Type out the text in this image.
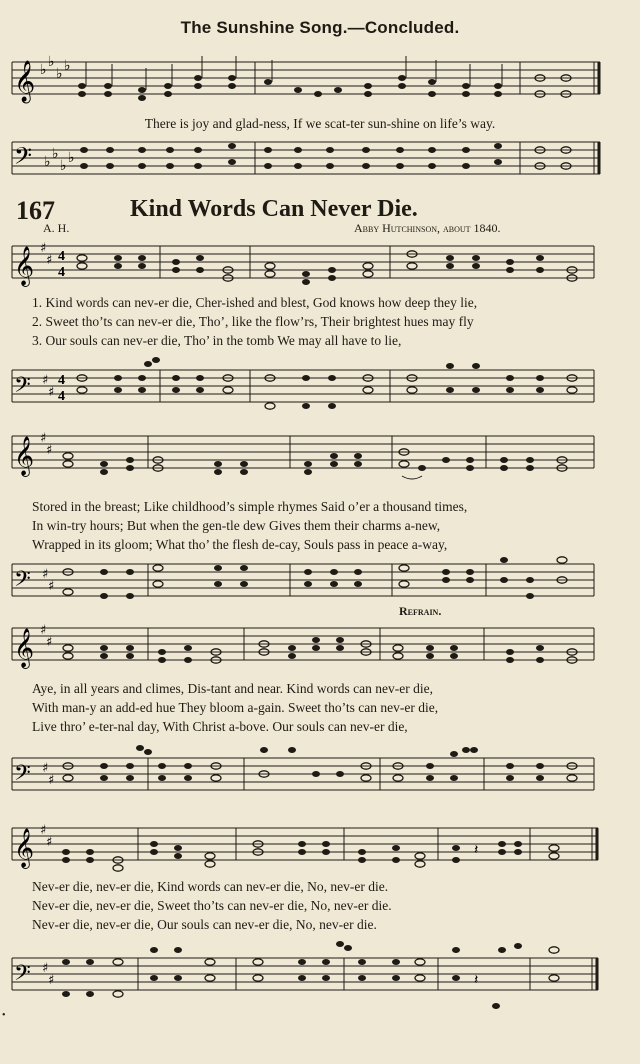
The Sunshine Song.—Concluded.
𝄞 ♭ ♭
♭ ♭
There is joy and glad-ness, If we scat-ter sun-shine on life’s way.
𝄢 ♭ ♭
♭ ♭
167	Kind Words Can Never Die.
A. H.	Abby Hutchinson, about 1840.
𝄞 ♯
♯ 4
4
1. Kind words can nev-er die, Cher-ished and blest, God knows how deep they lie,
2. Sweet tho’ts can nev-er die, Tho’, like the flow’rs, Their brightest hues may fly
3. Our souls can nev-er die, Tho’ in the tomb We may all have to lie,
𝄢 ♯
♯
4
4
𝄞 ♯
♯
Stored in the breast; Like childhood’s simple rhymes Said o’er a thousand times,
In win-try hours; But when the gen-tle dew Gives them their charms a-new,
Wrapped in its gloom; What tho’ the flesh de-cay, Souls pass in peace a-way,
𝄢 ♯
♯
Refrain.
𝄞 ♯
♯
Aye, in all years and climes, Dis-tant and near. Kind words can nev-er die,
With man-y an add-ed hue They bloom a-gain. Sweet tho’ts can nev-er die,
Live thro’ e-ter-nal day, With Christ a-bove. Our souls can nev-er die,
𝄢 ♯
♯
𝄞 ♯
♯	𝄽
Nev-er die, nev-er die, Kind words can nev-er die, No, nev-er die.
Nev-er die, nev-er die, Sweet tho’ts can nev-er die, No, nev-er die.
Nev-er die, nev-er die, Our souls can nev-er die, No, nev-er die.
𝄢 ♯
♯	𝄽
•
